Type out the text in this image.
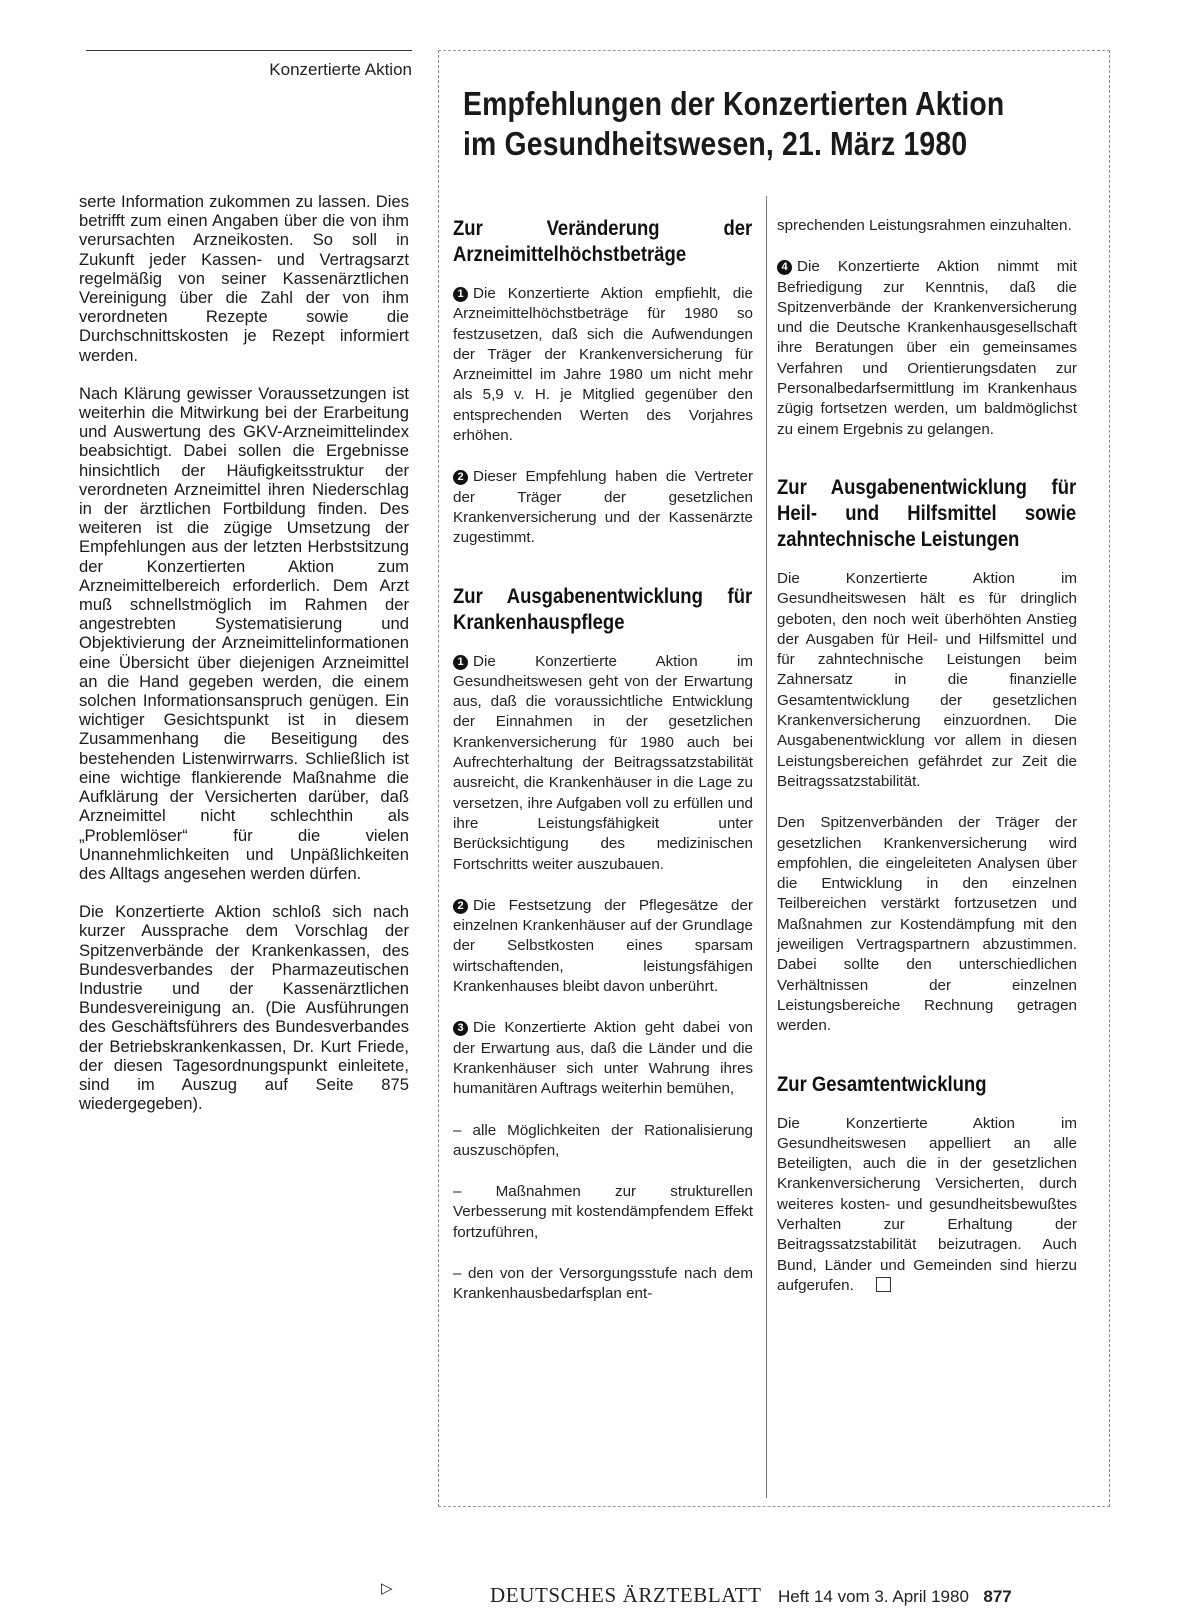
Konzertierte Aktion

serte Information zukommen zu lassen. Dies betrifft zum einen Angaben über die von ihm verursachten Arzneikosten. So soll in Zukunft jeder Kassen- und Vertragsarzt regelmäßig von seiner Kassenärztlichen Vereinigung über die Zahl der von ihm verordneten Rezepte sowie die Durchschnittskosten je Rezept informiert werden.

Nach Klärung gewisser Voraussetzungen ist weiterhin die Mitwirkung bei der Erarbeitung und Auswertung des GKV-Arzneimittelindex beabsichtigt. Dabei sollen die Ergebnisse hinsichtlich der Häufigkeitsstruktur der verordneten Arzneimittel ihren Niederschlag in der ärztlichen Fortbildung finden. Des weiteren ist die zügige Umsetzung der Empfehlungen aus der letzten Herbstsitzung der Konzertierten Aktion zum Arzneimittelbereich erforderlich. Dem Arzt muß schnellstmöglich im Rahmen der angestrebten Systematisierung und Objektivierung der Arzneimittelinformationen eine Übersicht über diejenigen Arzneimittel an die Hand gegeben werden, die einem solchen Informationsanspruch genügen. Ein wichtiger Gesichtspunkt ist in diesem Zusammenhang die Beseitigung des bestehenden Listenwirrwarrs. Schließlich ist eine wichtige flankierende Maßnahme die Aufklärung der Versicherten darüber, daß Arzneimittel nicht schlechthin als „Problemlöser“ für die vielen Unannehmlichkeiten und Unpäßlichkeiten des Alltags angesehen werden dürfen.

Die Konzertierte Aktion schloß sich nach kurzer Aussprache dem Vorschlag der Spitzenverbände der Krankenkassen, des Bundesverbandes der Pharmazeutischen Industrie und der Kassenärztlichen Bundesvereinigung an. (Die Ausführungen des Geschäftsführers des Bundesverbandes der Betriebskrankenkassen, Dr. Kurt Friede, der diesen Tagesordnungspunkt einleitete, sind im Auszug auf Seite 875 wiedergegeben).

▷
Empfehlungen der Konzertierten Aktion
im Gesundheitswesen, 21. März 1980
Zur Veränderung der Arzneimittelhöchstbeträge

1 Die Konzertierte Aktion empfiehlt, die Arzneimittelhöchstbeträge für 1980 so festzusetzen, daß sich die Aufwendungen der Träger der Krankenversicherung für Arzneimittel im Jahre 1980 um nicht mehr als 5,9 v. H. je Mitglied gegenüber den entsprechenden Werten des Vorjahres erhöhen.

2 Dieser Empfehlung haben die Vertreter der Träger der gesetzlichen Krankenversicherung und der Kassenärzte zugestimmt.

Zur Ausgabenentwicklung für Krankenhauspflege

1 Die Konzertierte Aktion im Gesundheitswesen geht von der Erwartung aus, daß die voraussichtliche Entwicklung der Einnahmen in der gesetzlichen Krankenversicherung für 1980 auch bei Aufrechterhaltung der Beitragssatzstabilität ausreicht, die Krankenhäuser in die Lage zu versetzen, ihre Aufgaben voll zu erfüllen und ihre Leistungsfähigkeit unter Berücksichtigung des medizinischen Fortschritts weiter auszubauen.

2 Die Festsetzung der Pflegesätze der einzelnen Krankenhäuser auf der Grundlage der Selbstkosten eines sparsam wirtschaftenden, leistungsfähigen Krankenhauses bleibt davon unberührt.

3 Die Konzertierte Aktion geht dabei von der Erwartung aus, daß die Länder und die Krankenhäuser sich unter Wahrung ihres humanitären Auftrags weiterhin bemühen,

– alle Möglichkeiten der Rationalisierung auszuschöpfen,

– Maßnahmen zur strukturellen Verbesserung mit kostendämpfendem Effekt fortzuführen,

– den von der Versorgungsstufe nach dem Krankenhausbedarfsplan ent-

sprechenden Leistungsrahmen einzuhalten.

4 Die Konzertierte Aktion nimmt mit Befriedigung zur Kenntnis, daß die Spitzenverbände der Krankenversicherung und die Deutsche Krankenhausgesellschaft ihre Beratungen über ein gemeinsames Verfahren und Orientierungsdaten zur Personalbedarfsermittlung im Krankenhaus zügig fortsetzen werden, um baldmöglichst zu einem Ergebnis zu gelangen.

Zur Ausgabenentwicklung für Heil- und Hilfsmittel sowie zahntechnische Leistungen

Die Konzertierte Aktion im Gesundheitswesen hält es für dringlich geboten, den noch weit überhöhten Anstieg der Ausgaben für Heil- und Hilfsmittel und für zahntechnische Leistungen beim Zahnersatz in die finanzielle Gesamtentwicklung der gesetzlichen Krankenversicherung einzuordnen. Die Ausgabenentwicklung vor allem in diesen Leistungsbereichen gefährdet zur Zeit die Beitragssatzstabilität.

Den Spitzenverbänden der Träger der gesetzlichen Krankenversicherung wird empfohlen, die eingeleiteten Analysen über die Entwicklung in den einzelnen Teilbereichen verstärkt fortzusetzen und Maßnahmen zur Kostendämpfung mit den jeweiligen Vertragspartnern abzustimmen. Dabei sollte den unterschiedlichen Verhältnissen der einzelnen Leistungsbereiche Rechnung getragen werden.

Zur Gesamtentwicklung

Die Konzertierte Aktion im Gesundheitswesen appelliert an alle Beteiligten, auch die in der gesetzlichen Krankenversicherung Versicherten, durch weiteres kosten- und gesundheitsbewußtes Verhalten zur Erhaltung der Beitragssatzstabilität beizutragen. Auch Bund, Länder und Gemeinden sind hierzu aufgerufen.

DEUTSCHES ÄRZTEBLATT Heft 14 vom 3. April 1980 877
